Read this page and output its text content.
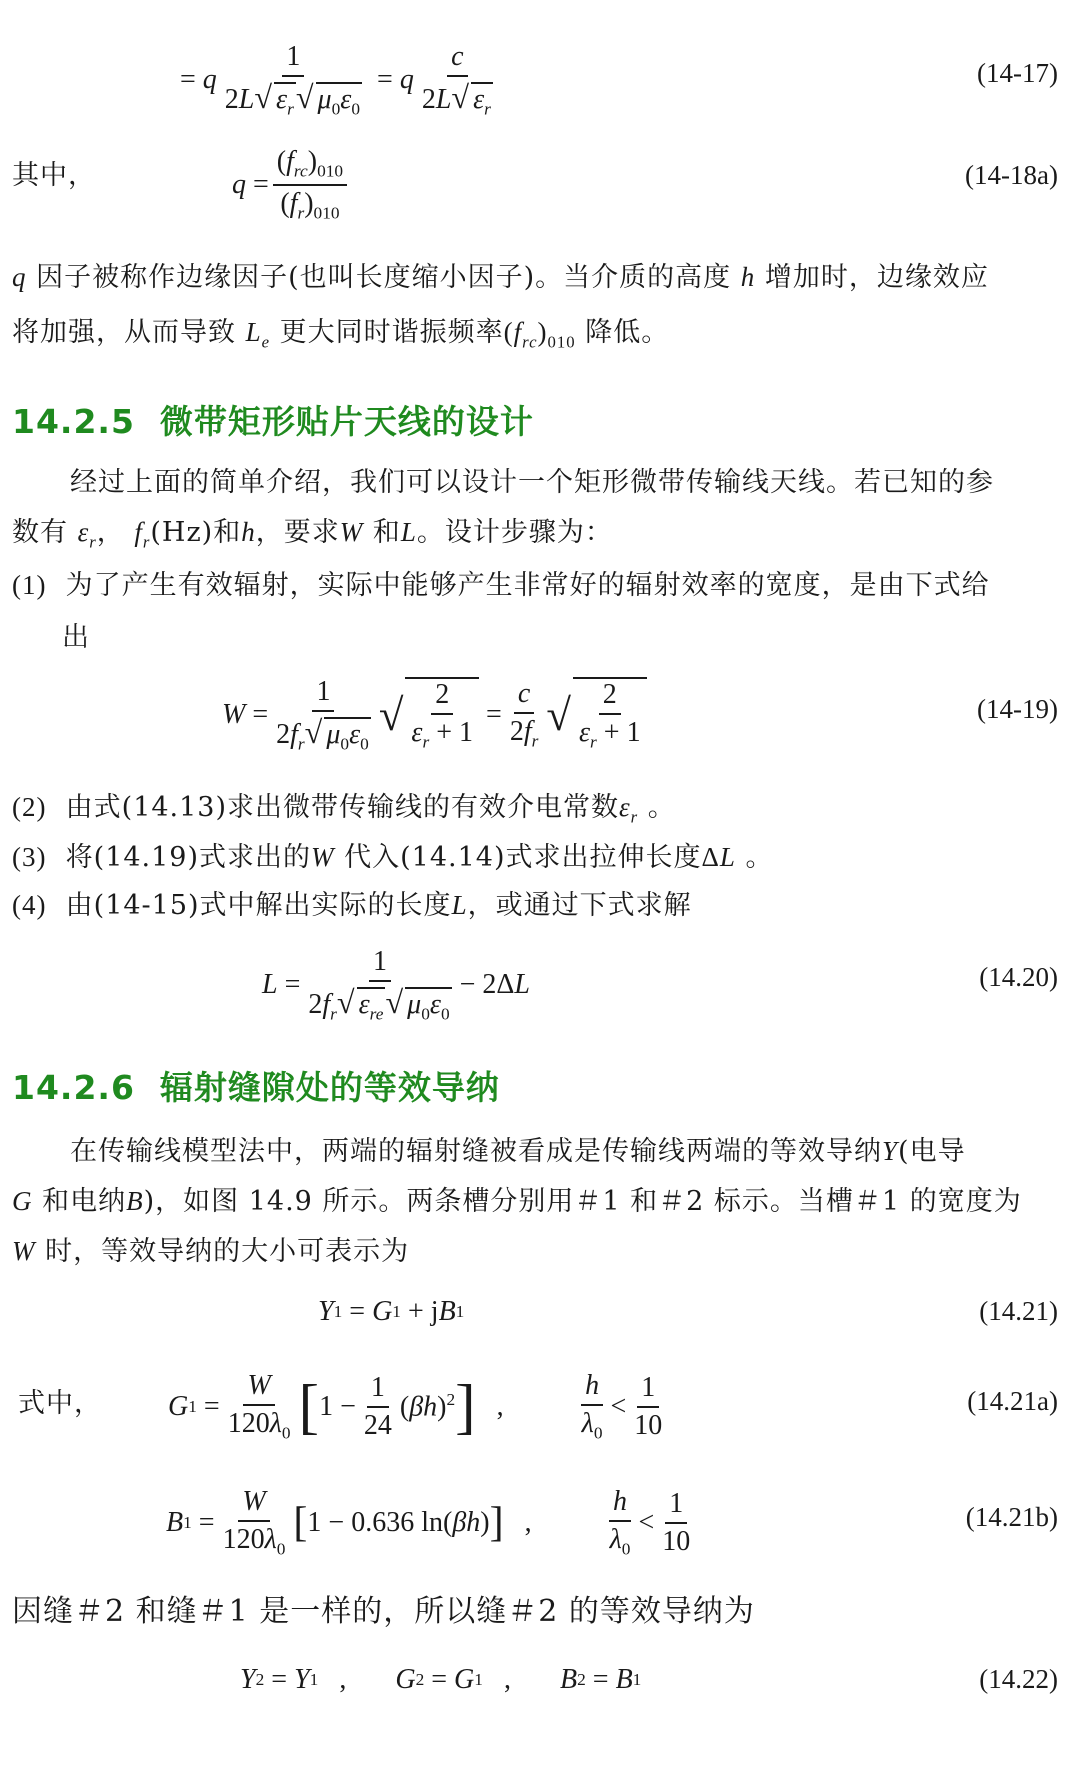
= q $\frac{1}{2L√ \varepsilon_r√ \mu_0\varepsilon_0} = q \frac{c}{2L√ \varepsilon_r}$	(14-17)
其中，	$q = \frac{(f_{rc})_{010}}{(f_r)_{010}}$	(14-18a)
q 因子被称作边缘因子(也叫长度缩小因子)。当介质的高度 h 增加时，边缘效应
将加强，从而导致 $L_e$ 更大同时谐振频率$(f_{rc})_{010}$ 降低。
14.2.5 微带矩形贴片天线的设计
经过上面的简单介绍，我们可以设计一个矩形微带传输线天线。若已知的参
数有 $\varepsilon_r$， $f_r(Hz)$和h，要求W 和L。设计步骤为：
(1) 为了产生有效辐射，实际中能够产生非常好的辐射效率的宽度，是由下式给
出
$W = \frac{1}{2f_r√ \mu_0\varepsilon_0}$ √ $\frac{2}{\varepsilon_r + 1} = \frac{c}{2f_r}$ √ $\frac{2}{\varepsilon_r + 1}$	(14-19)
(2) 由式(14.13)求出微带传输线的有效介电常数$\varepsilon_r$ 。
(3) 将(14.19)式求出的W 代入(14.14)式求出拉伸长度ΔL 。
(4) 由(14-15)式中解出实际的长度L，或通过下式求解
$L = \frac{1}{2f_r√ \varepsilon_{re}√ \mu_0\varepsilon_0} - 2\Delta L$	(14.20)
14.2.6 辐射缝隙处的等效导纳
在传输线模型法中，两端的辐射缝被看成是传输线两端的等效导纳Y(电导
G 和电纳B)，如图 14.9 所示。两条槽分别用＃1 和＃2 标示。当槽＃1 的宽度为
W 时，等效导纳的大小可表示为
Y 1 = G 1 + j B 1	(14.21)
式中， G $1 = \frac{W}{120\lambda_0}$ [ $1 - \frac{1}{24} (\beta h)^2$ ] , $\frac{h}{\lambda_0} < \frac{1}{10}$	(14.21a)
B $1 = \frac{W}{120\lambda_0}$ [ 1 − 0.636 ln(βh) ] , $\frac{h}{\lambda_0} < \frac{1}{10}$	(14.21b)
因缝＃2 和缝＃1 是一样的，所以缝＃2 的等效导纳为
Y 2 = Y 1 , G 2 = G 1 , B 2 = B 1	(14.22)
